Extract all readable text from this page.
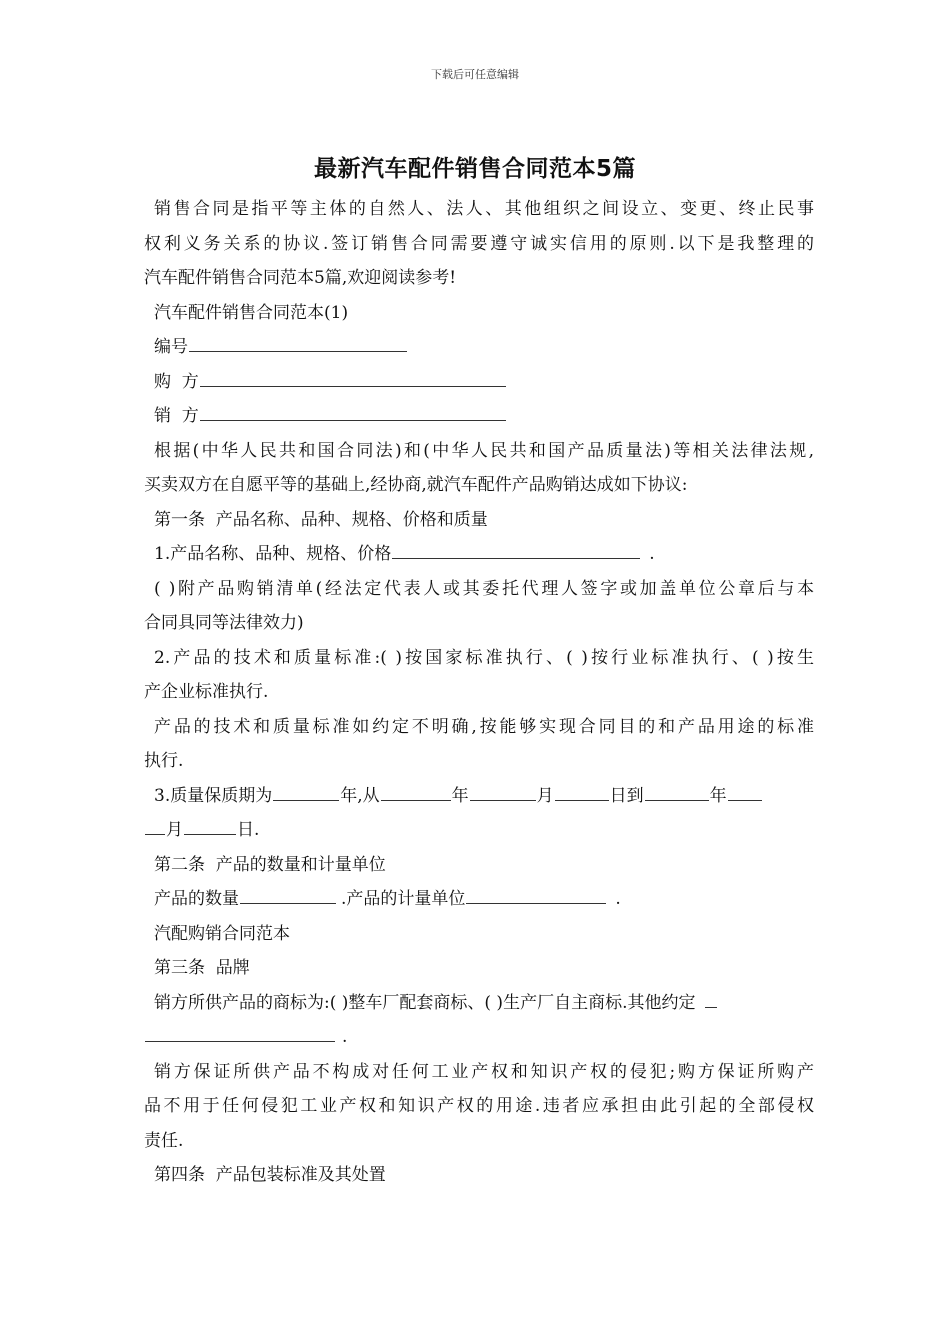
下载后可任意编辑
最新汽车配件销售合同范本5篇
销售合同是指平等主体的自然人、法人、其他组织之间设立、变更、终止民事
权利义务关系的协议.签订销售合同需要遵守诚实信用的原则.以下是我整理的
汽车配件销售合同范本5篇,欢迎阅读参考!
汽车配件销售合同范本(1)
编号
购  方
销  方
根据(中华人民共和国合同法)和(中华人民共和国产品质量法)等相关法律法规,
买卖双方在自愿平等的基础上,经协商,就汽车配件产品购销达成如下协议:
第一条  产品名称、品种、规格、价格和质量
1.产品名称、品种、规格、价格	.
( )附产品购销清单(经法定代表人或其委托代理人签字或加盖单位公章后与本
合同具同等法律效力)
2.产品的技术和质量标准:( )按国家标准执行、( )按行业标准执行、( )按生
产企业标准执行.
产品的技术和质量标准如约定不明确,按能够实现合同目的和产品用途的标准
执行.
3.质量保质期为	年,从	年	月	日到	年
月	日.
第二条  产品的数量和计量单位
产品的数量	.产品的计量单位	.
汽配购销合同范本
第三条  品牌
销方所供产品的商标为:( )整车厂配套商标、( )生产厂自主商标.其他约定
.
销方保证所供产品不构成对任何工业产权和知识产权的侵犯;购方保证所购产
品不用于任何侵犯工业产权和知识产权的用途.违者应承担由此引起的全部侵权
责任.
第四条  产品包装标准及其处置
